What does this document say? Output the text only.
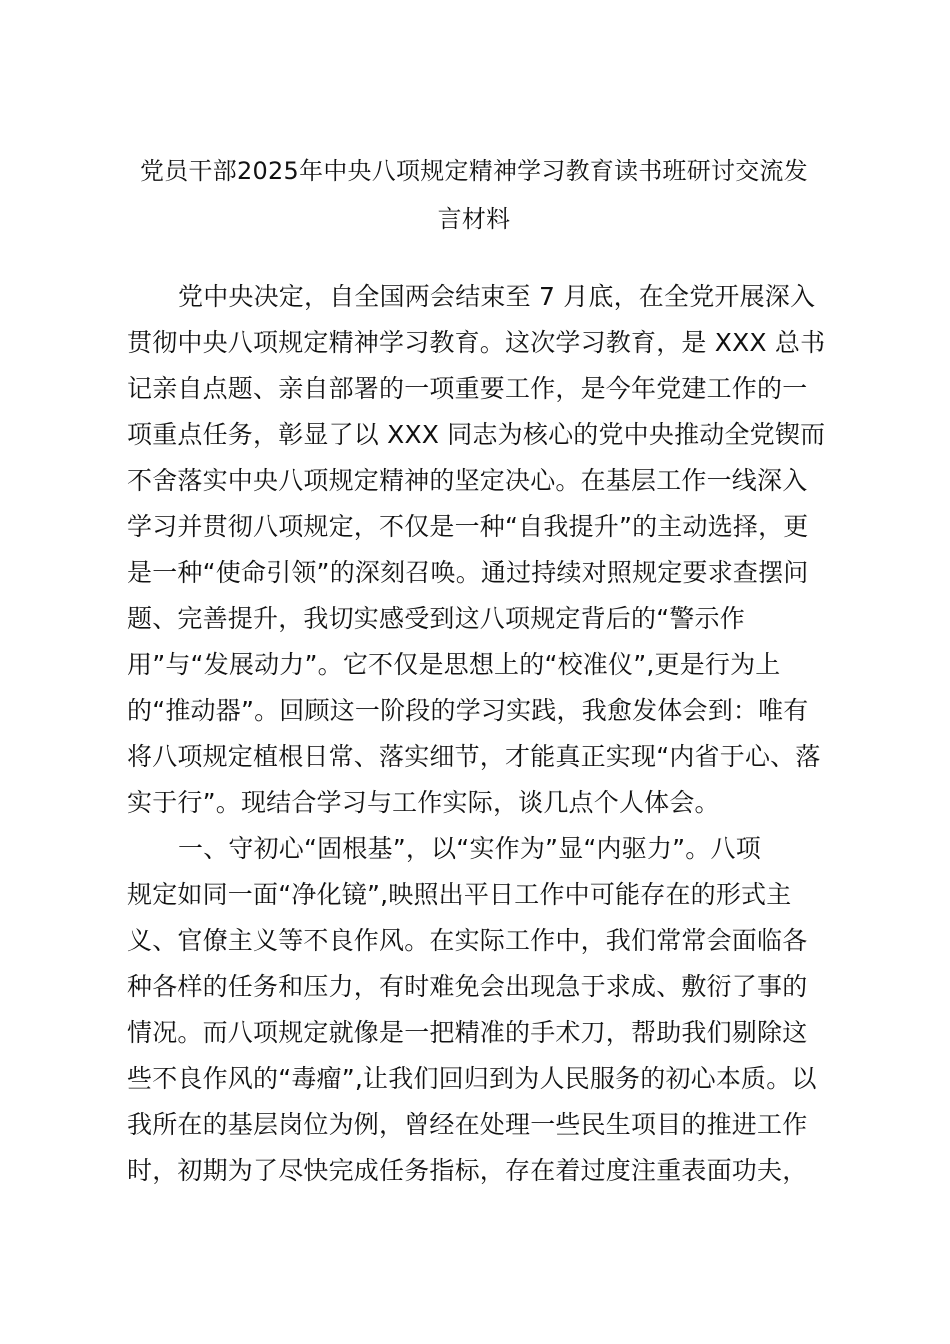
党员干部2025年中央八项规定精神学习教育读书班研讨交流发
言材料
党中央决定，自全国两会结束至 7 月底，在全党开展深入
贯彻中央八项规定精神学习教育。这次学习教育，是 XXX 总书
记亲自点题、亲自部署的一项重要工作，是今年党建工作的一
项重点任务，彰显了以 XXX 同志为核心的党中央推动全党锲而
不舍落实中央八项规定精神的坚定决心。在基层工作一线深入
学习并贯彻八项规定，不仅是一种“自我提升”的主动选择，更
是一种“使命引领”的深刻召唤。通过持续对照规定要求查摆问
题、完善提升，我切实感受到这八项规定背后的“警示作
用”与“发展动力”。它不仅是思想上的“校准仪”,更是行为上
的“推动器”。回顾这一阶段的学习实践，我愈发体会到：唯有
将八项规定植根日常、落实细节，才能真正实现“内省于心、落
实于行”。现结合学习与工作实际，谈几点个人体会。
一、守初心“固根基”，以“实作为”显“内驱力”。八项
规定如同一面“净化镜”,映照出平日工作中可能存在的形式主
义、官僚主义等不良作风。在实际工作中，我们常常会面临各
种各样的任务和压力，有时难免会出现急于求成、敷衍了事的
情况。而八项规定就像是一把精准的手术刀，帮助我们剔除这
些不良作风的“毒瘤”,让我们回归到为人民服务的初心本质。以
我所在的基层岗位为例，曾经在处理一些民生项目的推进工作
时，初期为了尽快完成任务指标，存在着过度注重表面功夫，
